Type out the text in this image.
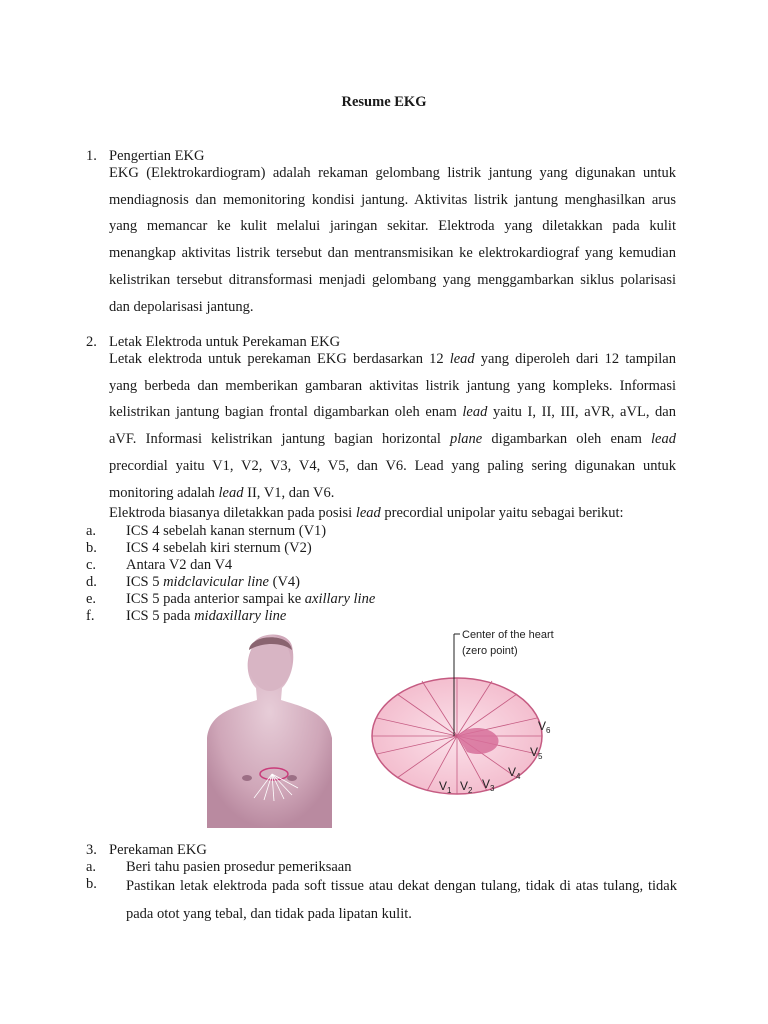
Resume EKG
1. Pengertian EKG
EKG (Elektrokardiogram) adalah rekaman gelombang listrik jantung yang digunakan untuk mendiagnosis dan memonitoring kondisi jantung. Aktivitas listrik jantung menghasilkan arus yang memancar ke kulit melalui jaringan sekitar. Elektroda yang diletakkan pada kulit menangkap aktivitas listrik tersebut dan mentransmisikan ke elektrokardiograf yang kemudian kelistrikan tersebut ditransformasi menjadi gelombang yang menggambarkan siklus polarisasi dan depolarisasi jantung.
2. Letak Elektroda untuk Perekaman EKG
Letak elektroda untuk perekaman EKG berdasarkan 12 lead yang diperoleh dari 12 tampilan yang berbeda dan memberikan gambaran aktivitas listrik jantung yang kompleks. Informasi kelistrikan jantung bagian frontal digambarkan oleh enam lead yaitu I, II, III, aVR, aVL, dan aVF. Informasi kelistrikan jantung bagian horizontal plane digambarkan oleh enam lead precordial yaitu V1, V2, V3, V4, V5, dan V6. Lead yang paling sering digunakan untuk monitoring adalah lead II, V1, dan V6.
Elektroda biasanya diletakkan pada posisi lead precordial unipolar yaitu sebagai berikut:
a. ICS 4 sebelah kanan sternum (V1)
b. ICS 4 sebelah kiri sternum (V2)
c. Antara V2 dan V4
d. ICS 5 midclavicular line (V4)
e. ICS 5 pada anterior sampai ke axillary line
f. ICS 5 pada midaxillary line
Center of the heart
(zero point)
$V_1$ $V_2$ $V_3$
$V_4$
$V_5$
$V_6$
3. Perekaman EKG
a. Beri tahu pasien prosedur pemeriksaan
b. Pastikan letak elektroda pada soft tissue atau dekat dengan tulang, tidak di atas tulang, tidak pada otot yang tebal, dan tidak pada lipatan kulit.
